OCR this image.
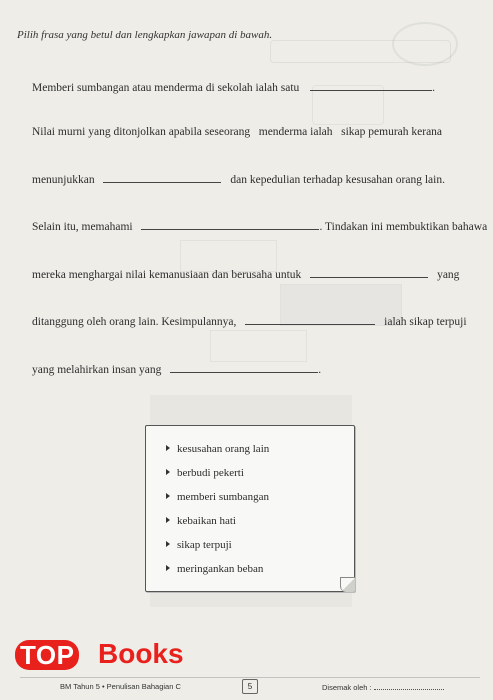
Pilih frasa yang betul dan lengkapkan jawapan di bawah.
Memberi sumbangan atau menderma di sekolah ialah satu	.
Nilai murni yang ditonjolkan apabila seseorang   menderma ialah   sikap pemurah kerana
menunjukkan	dan kepedulian terhadap kesusahan orang lain.
Selain itu, memahami	. Tindakan ini membuktikan bahawa
mereka menghargai nilai kemanusiaan dan berusaha untuk	yang
ditanggung oleh orang lain. Kesimpulannya,	ialah sikap terpuji
yang melahirkan insan yang	.
kesusahan orang lain
berbudi pekerti
memberi sumbangan
kebaikan hati
sikap terpuji
meringankan beban
TOP Books
BM Tahun 5 • Penulisan Bahagian C	5	Disemak oleh :
